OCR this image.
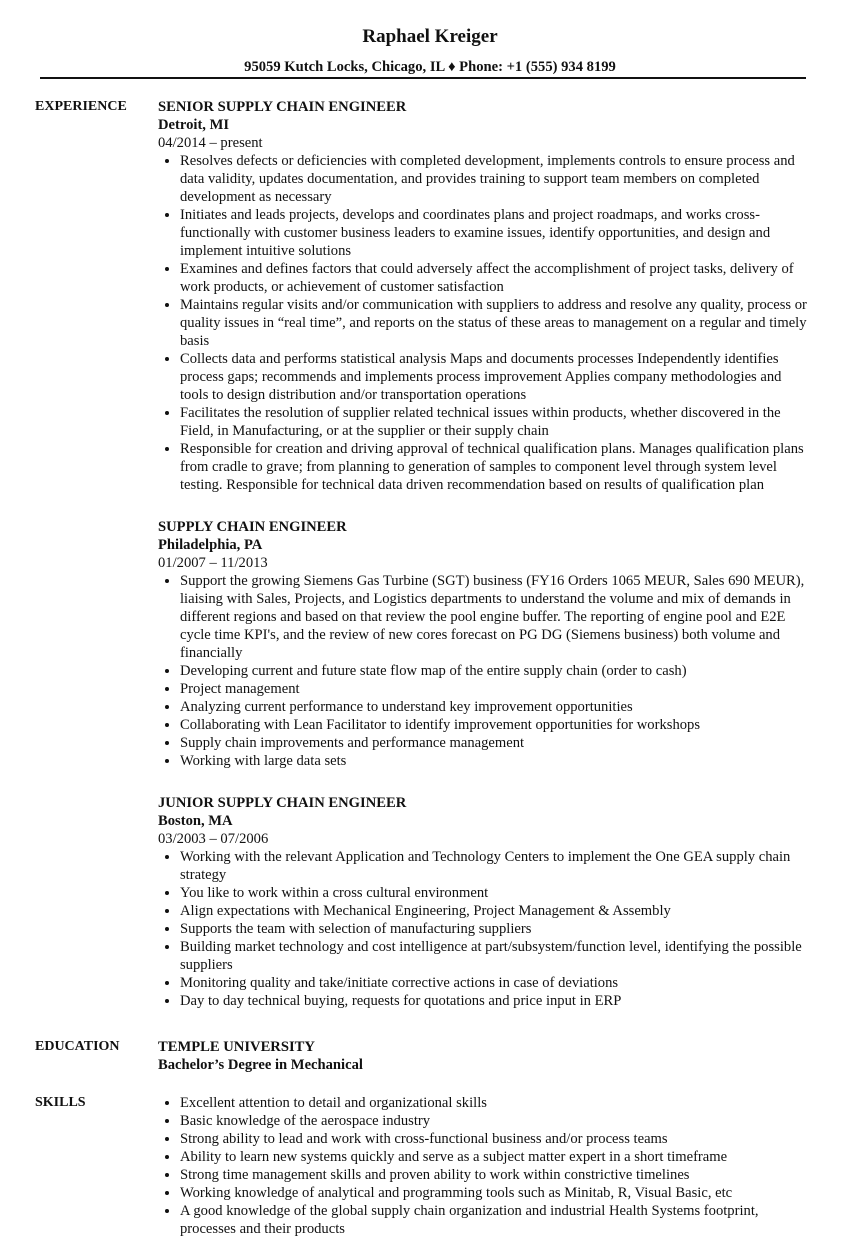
Raphael Kreiger
95059 Kutch Locks, Chicago, IL ♦ Phone: +1 (555) 934 8199
EXPERIENCE	SENIOR SUPPLY CHAIN ENGINEER
Detroit, MI
04/2014 – present
• Resolves defects or deficiencies with completed development, implements controls to ensure process and data validity, updates documentation, and provides training to support team members on completed development as necessary
• Initiates and leads projects, develops and coordinates plans and project roadmaps, and works cross-functionally with customer business leaders to examine issues, identify opportunities, and design and implement intuitive solutions
• Examines and defines factors that could adversely affect the accomplishment of project tasks, delivery of work products, or achievement of customer satisfaction
• Maintains regular visits and/or communication with suppliers to address and resolve any quality, process or quality issues in “real time”, and reports on the status of these areas to management on a regular and timely basis
• Collects data and performs statistical analysis Maps and documents processes Independently identifies process gaps; recommends and implements process improvement Applies company methodologies and tools to design distribution and/or transportation operations
• Facilitates the resolution of supplier related technical issues within products, whether discovered in the Field, in Manufacturing, or at the supplier or their supply chain
• Responsible for creation and driving approval of technical qualification plans. Manages qualification plans from cradle to grave; from planning to generation of samples to component level through system level testing. Responsible for technical data driven recommendation based on results of qualification plan
SUPPLY CHAIN ENGINEER
Philadelphia, PA
01/2007 – 11/2013
• Support the growing Siemens Gas Turbine (SGT) business (FY16 Orders 1065 MEUR, Sales 690 MEUR), liaising with Sales, Projects, and Logistics departments to understand the volume and mix of demands in different regions and based on that review the pool engine buffer. The reporting of engine pool and E2E cycle time KPI's, and the review of new cores forecast on PG DG (Siemens business) both volume and financially
• Developing current and future state flow map of the entire supply chain (order to cash)
• Project management
• Analyzing current performance to understand key improvement opportunities
• Collaborating with Lean Facilitator to identify improvement opportunities for workshops
• Supply chain improvements and performance management
• Working with large data sets
JUNIOR SUPPLY CHAIN ENGINEER
Boston, MA
03/2003 – 07/2006
• Working with the relevant Application and Technology Centers to implement the One GEA supply chain strategy
• You like to work within a cross cultural environment
• Align expectations with Mechanical Engineering, Project Management & Assembly
• Supports the team with selection of manufacturing suppliers
• Building market technology and cost intelligence at part/subsystem/function level, identifying the possible suppliers
• Monitoring quality and take/initiate corrective actions in case of deviations
• Day to day technical buying, requests for quotations and price input in ERP
EDUCATION	TEMPLE UNIVERSITY
Bachelor’s Degree in Mechanical
SKILLS	• Excellent attention to detail and organizational skills
• Basic knowledge of the aerospace industry
• Strong ability to lead and work with cross-functional business and/or process teams
• Ability to learn new systems quickly and serve as a subject matter expert in a short timeframe
• Strong time management skills and proven ability to work within constrictive timelines
• Working knowledge of analytical and programming tools such as Minitab, R, Visual Basic, etc
• A good knowledge of the global supply chain organization and industrial Health Systems footprint, processes and their products
